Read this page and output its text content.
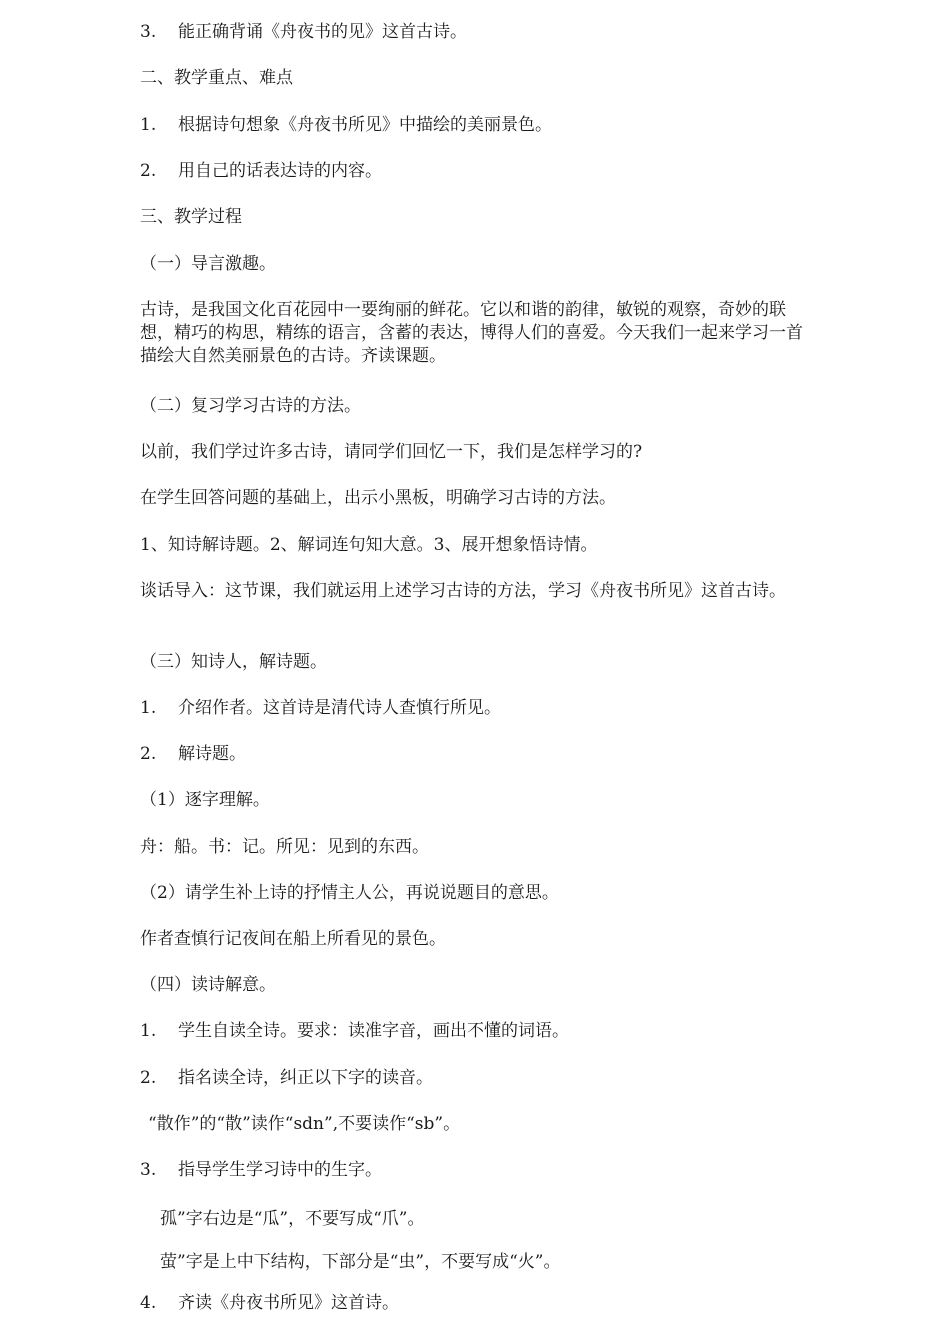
3. 能正确背诵《舟夜书的见》这首古诗。
二、教学重点、难点
1. 根据诗句想象《舟夜书所见》中描绘的美丽景色。
2. 用自己的话表达诗的内容。
三、教学过程
（一）导言激趣。
古诗，是我国文化百花园中一要绚丽的鲜花。它以和谐的韵律，敏锐的观察，奇妙的联想，精巧的构思，精练的语言，含蓄的表达，博得人们的喜爱。今天我们一起来学习一首描绘大自然美丽景色的古诗。齐读课题。
（二）复习学习古诗的方法。
以前，我们学过许多古诗，请同学们回忆一下，我们是怎样学习的?
在学生回答问题的基础上，出示小黑板，明确学习古诗的方法。
1、知诗解诗题。2、解词连句知大意。3、展开想象悟诗情。
谈话导入：这节课，我们就运用上述学习古诗的方法，学习《舟夜书所见》这首古诗。
（三）知诗人，解诗题。
1. 介绍作者。这首诗是清代诗人查慎行所见。
2. 解诗题。
（1）逐字理解。
舟：船。书：记。所见：见到的东西。
（2）请学生补上诗的抒情主人公，再说说题目的意思。
作者查慎行记夜间在船上所看见的景色。
（四）读诗解意。
1. 学生自读全诗。要求：读准字音，画出不懂的词语。
2. 指名读全诗，纠正以下字的读音。
“散作”的“散”读作“sdn”,不要读作“sb”。
3. 指导学生学习诗中的生字。
孤”字右边是“瓜”，不要写成“爪”。
萤”字是上中下结构，下部分是“虫”，不要写成“火”。
4. 齐读《舟夜书所见》这首诗。
